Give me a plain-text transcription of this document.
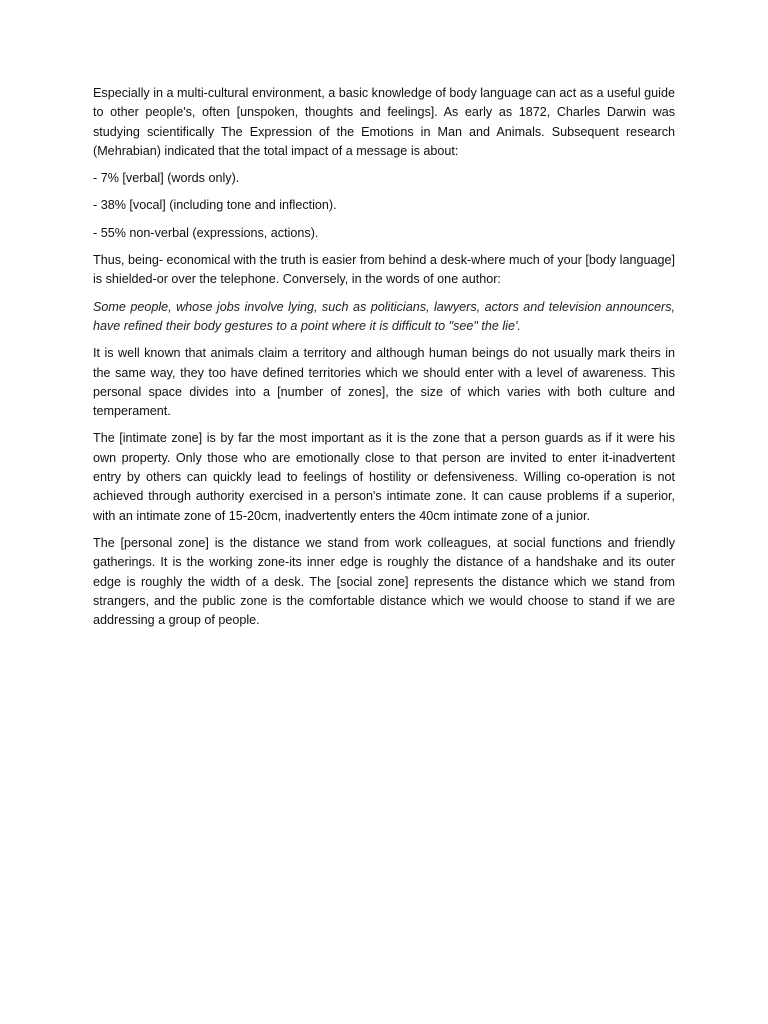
Especially in a multi-cultural environment, a basic knowledge of body language can act as a useful guide to other people's, often [unspoken, thoughts and feelings]. As early as 1872, Charles Darwin was studying scientifically The Expression of the Emotions in Man and Animals. Subsequent research (Mehrabian) indicated that the total impact of a message is about:

- 7% [verbal] (words only).

- 38% [vocal] (including tone and inflection).

- 55% non-verbal (expressions, actions).

Thus, being- economical with the truth is easier from behind a desk-where much of your [body language] is shielded-or over the telephone. Conversely, in the words of one author:

Some people, whose jobs involve lying, such as politicians, lawyers, actors and television announcers, have refined their body gestures to a point where it is difficult to "see" the lie'.

It is well known that animals claim a territory and although human beings do not usually mark theirs in the same way, they too have defined territories which we should enter with a level of awareness. This personal space divides into a [number of zones], the size of which varies with both culture and temperament.

The [intimate zone] is by far the most important as it is the zone that a person guards as if it were his own property. Only those who are emotionally close to that person are invited to enter it-inadvertent entry by others can quickly lead to feelings of hostility or defensiveness. Willing co-operation is not achieved through authority exercised in a person's intimate zone. It can cause problems if a superior, with an intimate zone of 15-20cm, inadvertently enters the 40cm intimate zone of a junior.

The [personal zone] is the distance we stand from work colleagues, at social functions and friendly gatherings. It is the working zone-its inner edge is roughly the distance of a handshake and its outer edge is roughly the width of a desk. The [social zone] represents the distance which we stand from strangers, and the public zone is the comfortable distance which we would choose to stand if we are addressing a group of people.
